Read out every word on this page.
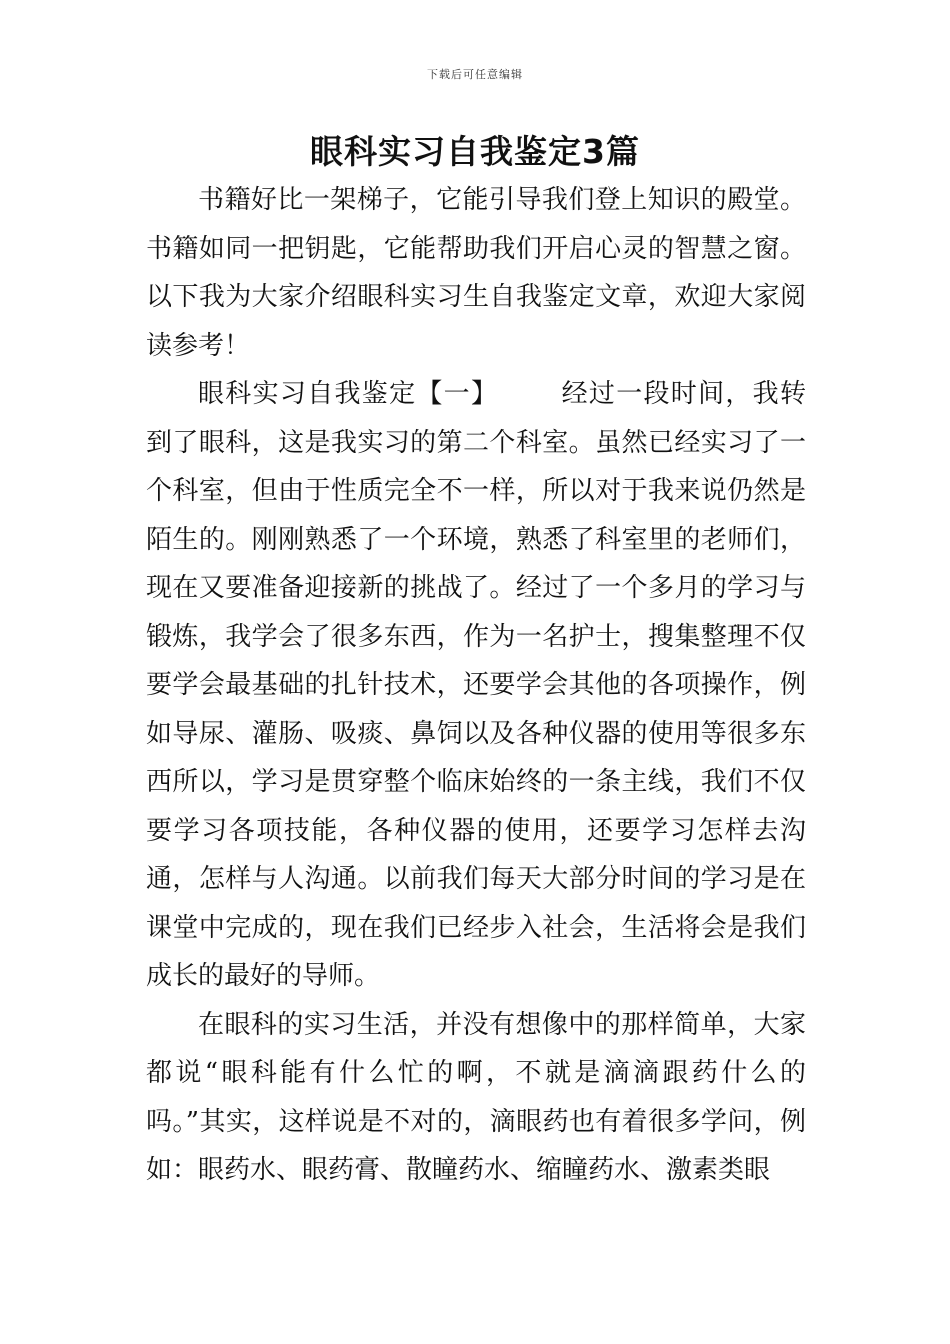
下载后可任意编辑
眼科实习自我鉴定3篇

书籍好比一架梯子，它能引导我们登上知识的殿堂。书籍如同一把钥匙，它能帮助我们开启心灵的智慧之窗。以下我为大家介绍眼科实习生自我鉴定文章，欢迎大家阅读参考！

眼科实习自我鉴定【一】 经过一段时间，我转到了眼科，这是我实习的第二个科室。虽然已经实习了一个科室，但由于性质完全不一样，所以对于我来说仍然是陌生的。刚刚熟悉了一个环境，熟悉了科室里的老师们，现在又要准备迎接新的挑战了。经过了一个多月的学习与锻炼，我学会了很多东西，作为一名护士，搜集整理不仅要学会最基础的扎针技术，还要学会其他的各项操作，例如导尿、灌肠、吸痰、鼻饲以及各种仪器的使用等很多东西所以，学习是贯穿整个临床始终的一条主线，我们不仅要学习各项技能，各种仪器的使用，还要学习怎样去沟通，怎样与人沟通。以前我们每天大部分时间的学习是在课堂中完成的，现在我们已经步入社会，生活将会是我们成长的最好的导师。

在眼科的实习生活，并没有想像中的那样简单，大家都说“眼科能有什么忙的啊，不就是滴滴跟药什么的吗。”其实，这样说是不对的，滴眼药也有着很多学问，例如：眼药水、眼药膏、散瞳药水、缩瞳药水、激素类眼
